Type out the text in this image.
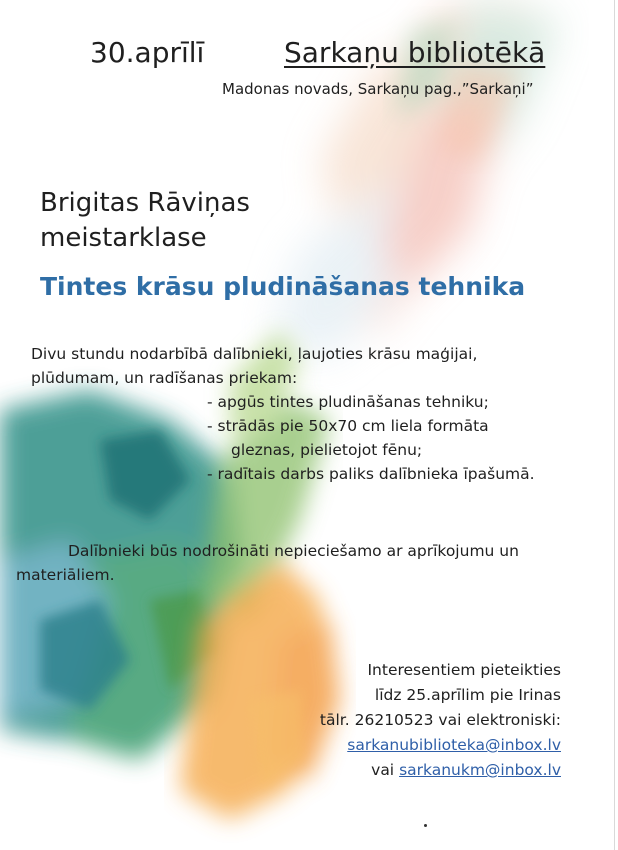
30.aprīlī	Sarkaņu bibliotēkā
Madonas novads, Sarkaņu pag.,”Sarkaņi”
Brigitas Rāviņas
meistarklase
Tintes krāsu pludināšanas tehnika
Divu stundu nodarbībā dalībnieki, ļaujoties krāsu maģijai,
plūdumam, un radīšanas priekam:
- apgūs tintes pludināšanas tehniku;
- strādās pie 50x70 cm liela formāta
gleznas, pielietojot fēnu;
- radītais darbs paliks dalībnieka īpašumā.
Dalībnieki būs nodrošināti nepieciešamo ar aprīkojumu un materiāliem.
Interesentiem pieteikties
līdz 25.aprīlim pie Irinas
tālr. 26210523 vai elektroniski:
sarkanubiblioteka@inbox.lv
vai sarkanukm@inbox.lv
